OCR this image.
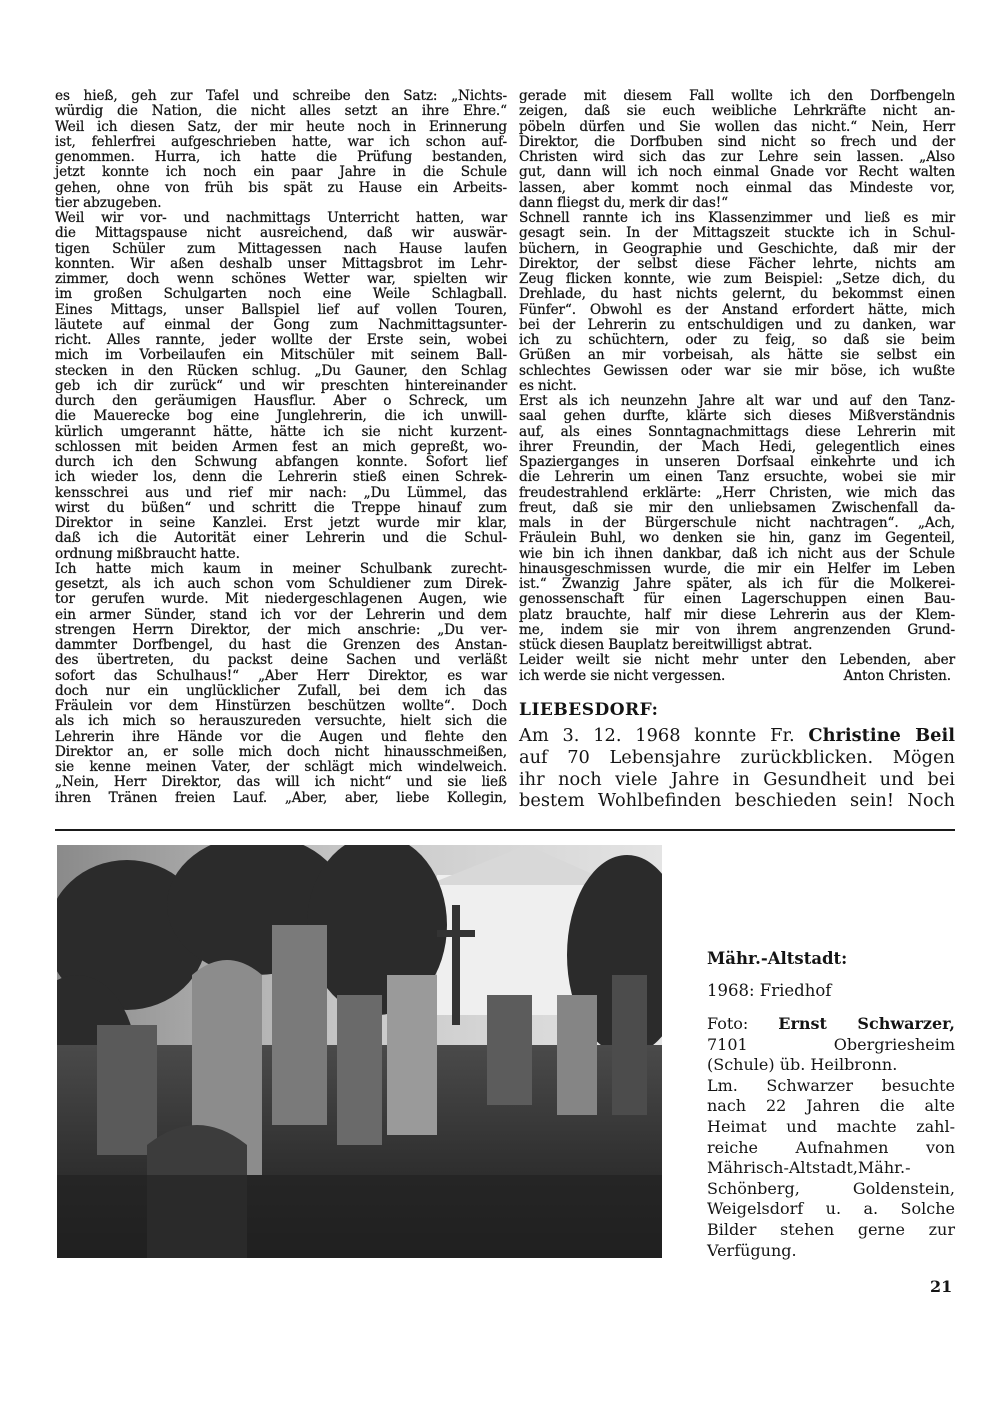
es hieß, geh zur Tafel und schreibe den Satz: „Nichts-
würdig die Nation, die nicht alles setzt an ihre Ehre.“
Weil ich diesen Satz, der mir heute noch in Erinnerung
ist, fehlerfrei aufgeschrieben hatte, war ich schon auf-
genommen. Hurra, ich hatte die Prüfung bestanden,
jetzt konnte ich noch ein paar Jahre in die Schule
gehen, ohne von früh bis spät zu Hause ein Arbeits-
tier abzugeben.
Weil wir vor- und nachmittags Unterricht hatten, war
die Mittagspause nicht ausreichend, daß wir auswär-
tigen Schüler zum Mittagessen nach Hause laufen
konnten. Wir aßen deshalb unser Mittagsbrot im Lehr-
zimmer, doch wenn schönes Wetter war, spielten wir
im großen Schulgarten noch eine Weile Schlagball.
Eines Mittags, unser Ballspiel lief auf vollen Touren,
läutete auf einmal der Gong zum Nachmittagsunter-
richt. Alles rannte, jeder wollte der Erste sein, wobei
mich im Vorbeilaufen ein Mitschüler mit seinem Ball-
stecken in den Rücken schlug. „Du Gauner, den Schlag
geb ich dir zurück“ und wir preschten hintereinander
durch den geräumigen Hausflur. Aber o Schreck, um
die Mauerecke bog eine Junglehrerin, die ich unwill-
kürlich umgerannt hätte, hätte ich sie nicht kurzent-
schlossen mit beiden Armen fest an mich gepreßt, wo-
durch ich den Schwung abfangen konnte. Sofort lief
ich wieder los, denn die Lehrerin stieß einen Schrek-
kensschrei aus und rief mir nach: „Du Lümmel, das
wirst du büßen“ und schritt die Treppe hinauf zum
Direktor in seine Kanzlei. Erst jetzt wurde mir klar,
daß ich die Autorität einer Lehrerin und die Schul-
ordnung mißbraucht hatte.
Ich hatte mich kaum in meiner Schulbank zurecht-
gesetzt, als ich auch schon vom Schuldiener zum Direk-
tor gerufen wurde. Mit niedergeschlagenen Augen, wie
ein armer Sünder, stand ich vor der Lehrerin und dem
strengen Herrn Direktor, der mich anschrie: „Du ver-
dammter Dorfbengel, du hast die Grenzen des Anstan-
des übertreten, du packst deine Sachen und verläßt
sofort das Schulhaus!“ „Aber Herr Direktor, es war
doch nur ein unglücklicher Zufall, bei dem ich das
Fräulein vor dem Hinstürzen beschützen wollte“. Doch
als ich mich so herauszureden versuchte, hielt sich die
Lehrerin ihre Hände vor die Augen und flehte den
Direktor an, er solle mich doch nicht hinausschmeißen,
sie kenne meinen Vater, der schlägt mich windelweich.
„Nein, Herr Direktor, das will ich nicht“ und sie ließ
ihren Tränen freien Lauf. „Aber, aber, liebe Kollegin,
gerade mit diesem Fall wollte ich den Dorfbengeln
zeigen, daß sie euch weibliche Lehrkräfte nicht an-
pöbeln dürfen und Sie wollen das nicht.“ Nein, Herr
Direktor, die Dorfbuben sind nicht so frech und der
Christen wird sich das zur Lehre sein lassen. „Also
gut, dann will ich noch einmal Gnade vor Recht walten
lassen, aber kommt noch einmal das Mindeste vor,
dann fliegst du, merk dir das!“
Schnell rannte ich ins Klassenzimmer und ließ es mir
gesagt sein. In der Mittagszeit stuckte ich in Schul-
büchern, in Geographie und Geschichte, daß mir der
Direktor, der selbst diese Fächer lehrte, nichts am
Zeug flicken konnte, wie zum Beispiel: „Setze dich, du
Drehlade, du hast nichts gelernt, du bekommst einen
Fünfer“. Obwohl es der Anstand erfordert hätte, mich
bei der Lehrerin zu entschuldigen und zu danken, war
ich zu schüchtern, oder zu feig, so daß sie beim
Grüßen an mir vorbeisah, als hätte sie selbst ein
schlechtes Gewissen oder war sie mir böse, ich wußte
es nicht.
Erst als ich neunzehn Jahre alt war und auf den Tanz-
saal gehen durfte, klärte sich dieses Mißverständnis
auf, als eines Sonntagnachmittags diese Lehrerin mit
ihrer Freundin, der Mach Hedi, gelegentlich eines
Spazierganges in unseren Dorfsaal einkehrte und ich
die Lehrerin um einen Tanz ersuchte, wobei sie mir
freudestrahlend erklärte: „Herr Christen, wie mich das
freut, daß sie mir den unliebsamen Zwischenfall da-
mals in der Bürgerschule nicht nachtragen“. „Ach,
Fräulein Buhl, wo denken sie hin, ganz im Gegenteil,
wie bin ich ihnen dankbar, daß ich nicht aus der Schule
hinausgeschmissen wurde, die mir ein Helfer im Leben
ist.“ Zwanzig Jahre später, als ich für die Molkerei-
genossenschaft für einen Lagerschuppen einen Bau-
platz brauchte, half mir diese Lehrerin aus der Klem-
me, indem sie mir von ihrem angrenzenden Grund-
stück diesen Bauplatz bereitwilligst abtrat.
Leider weilt sie nicht mehr unter den Lebenden, aber
ich werde sie nicht vergessen.	Anton Christen.
LIEBESDORF:
Am 3. 12. 1968 konnte Fr. Christine Beil
auf 70 Lebensjahre zurückblicken. Mögen
ihr noch viele Jahre in Gesundheit und bei
bestem Wohlbefinden beschieden sein! Noch
Mähr.-Altstadt:
1968: Friedhof
Foto: Ernst Schwarzer,
7101 Obergriesheim
(Schule) üb. Heilbronn.
Lm. Schwarzer besuchte
nach 22 Jahren die alte
Heimat und machte zahl-
reiche Aufnahmen von
Mährisch-Altstadt,Mähr.-
Schönberg, Goldenstein,
Weigelsdorf u. a. Solche
Bilder stehen gerne zur
Verfügung.
21
